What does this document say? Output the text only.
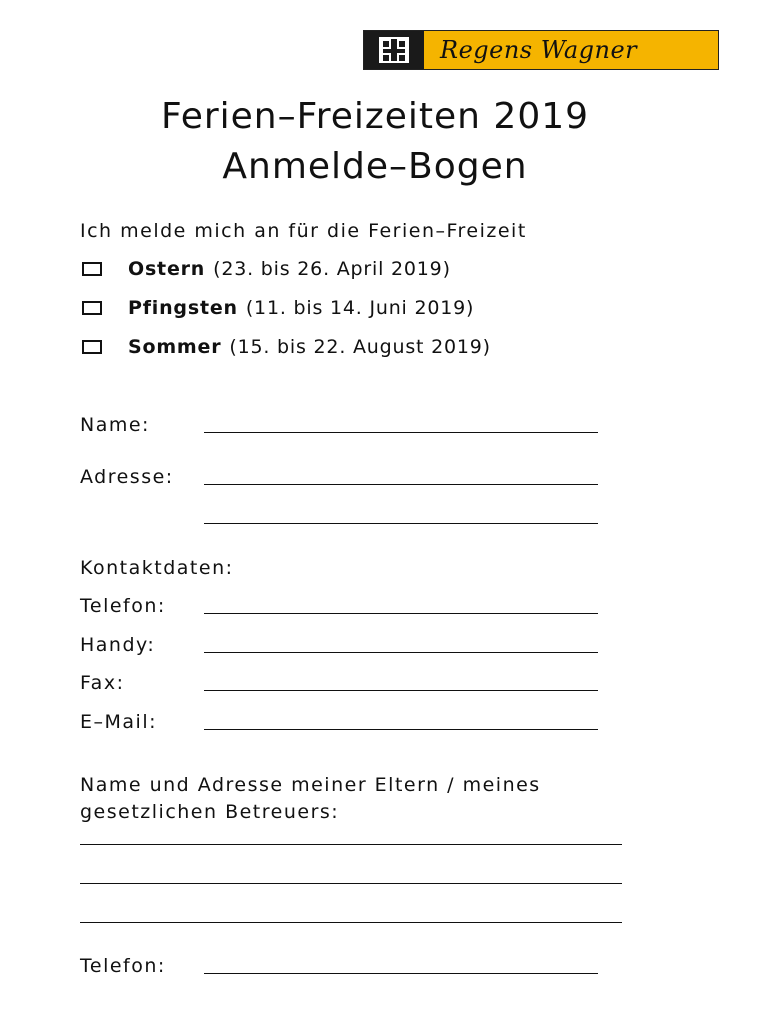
Regens Wagner
Ferien–Freizeiten 2019
Anmelde–Bogen
Ich melde mich an für die Ferien–Freizeit
Ostern (23. bis 26. April 2019)
Pfingsten (11. bis 14. Juni 2019)
Sommer (15. bis 22. August 2019)
Name:
Adresse:
Kontaktdaten:
Telefon:
Handy:
Fax:
E–Mail:
Name und Adresse meiner Eltern / meines
gesetzlichen Betreuers:
Telefon:
